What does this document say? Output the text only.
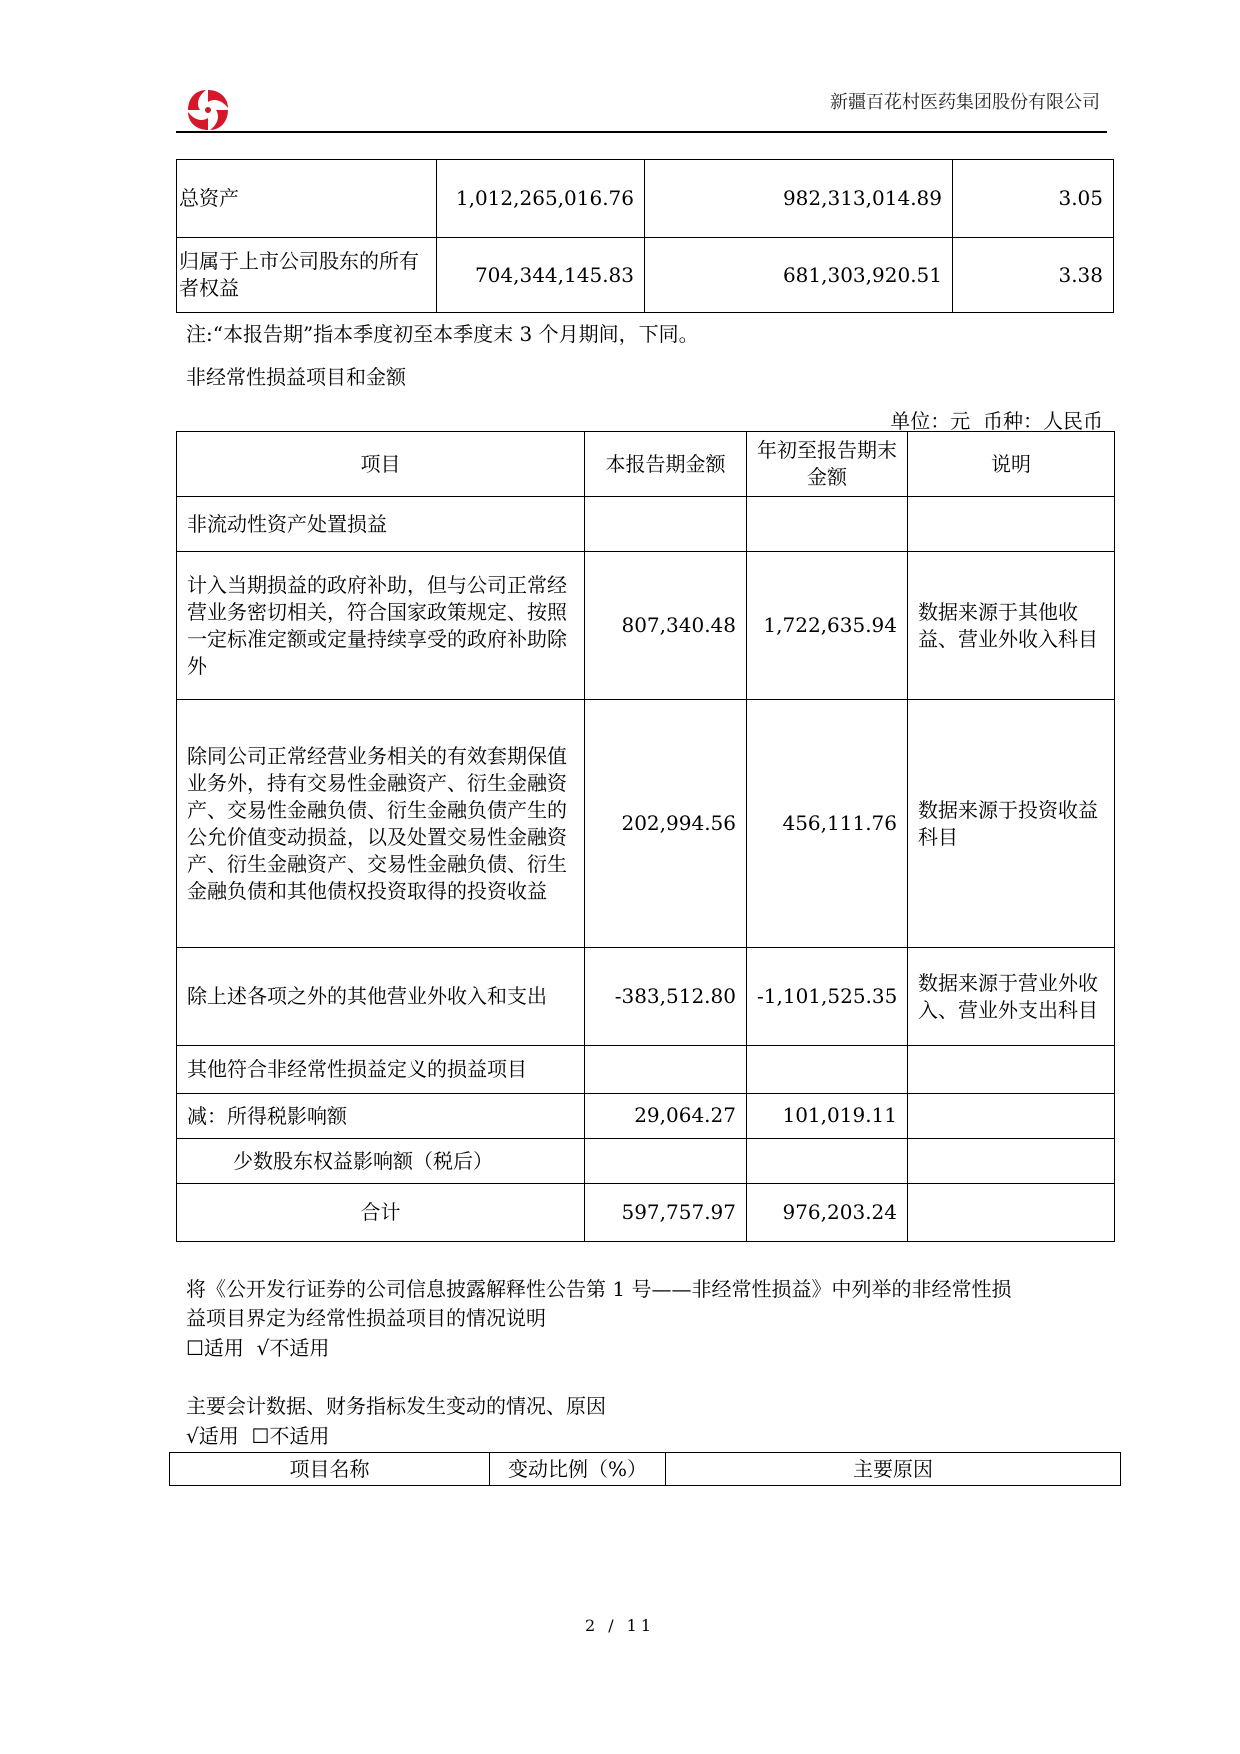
新疆百花村医药集团股份有限公司
总资产	1,012,265,016.76	982,313,014.89	3.05
归属于上市公司股东的所有者权益	704,344,145.83	681,303,920.51	3.38
注:“本报告期”指本季度初至本季度末 3 个月期间，下同。
非经常性损益项目和金额
单位：元  币种：人民币
项目	本报告期金额	年初至报告期末金额	说明
非流动性资产处置损益			
计入当期损益的政府补助，但与公司正常经营业务密切相关，符合国家政策规定、按照一定标准定额或定量持续享受的政府补助除外	807,340.48	1,722,635.94	数据来源于其他收益、营业外收入科目
除同公司正常经营业务相关的有效套期保值业务外，持有交易性金融资产、衍生金融资产、交易性金融负债、衍生金融负债产生的公允价值变动损益，以及处置交易性金融资产、衍生金融资产、交易性金融负债、衍生金融负债和其他债权投资取得的投资收益	202,994.56	456,111.76	数据来源于投资收益科目
除上述各项之外的其他营业外收入和支出	-383,512.80	-1,101,525.35	数据来源于营业外收入、营业外支出科目
其他符合非经常性损益定义的损益项目			
减：所得税影响额	29,064.27	101,019.11	
少数股东权益影响额（税后）			
合计	597,757.97	976,203.24	
将《公开发行证券的公司信息披露解释性公告第 1 号——非经常性损益》中列举的非经常性损
益项目界定为经常性损益项目的情况说明
☐适用  √不适用
主要会计数据、财务指标发生变动的情况、原因
√适用  ☐不适用
项目名称	变动比例（%）	主要原因
2 / 11
